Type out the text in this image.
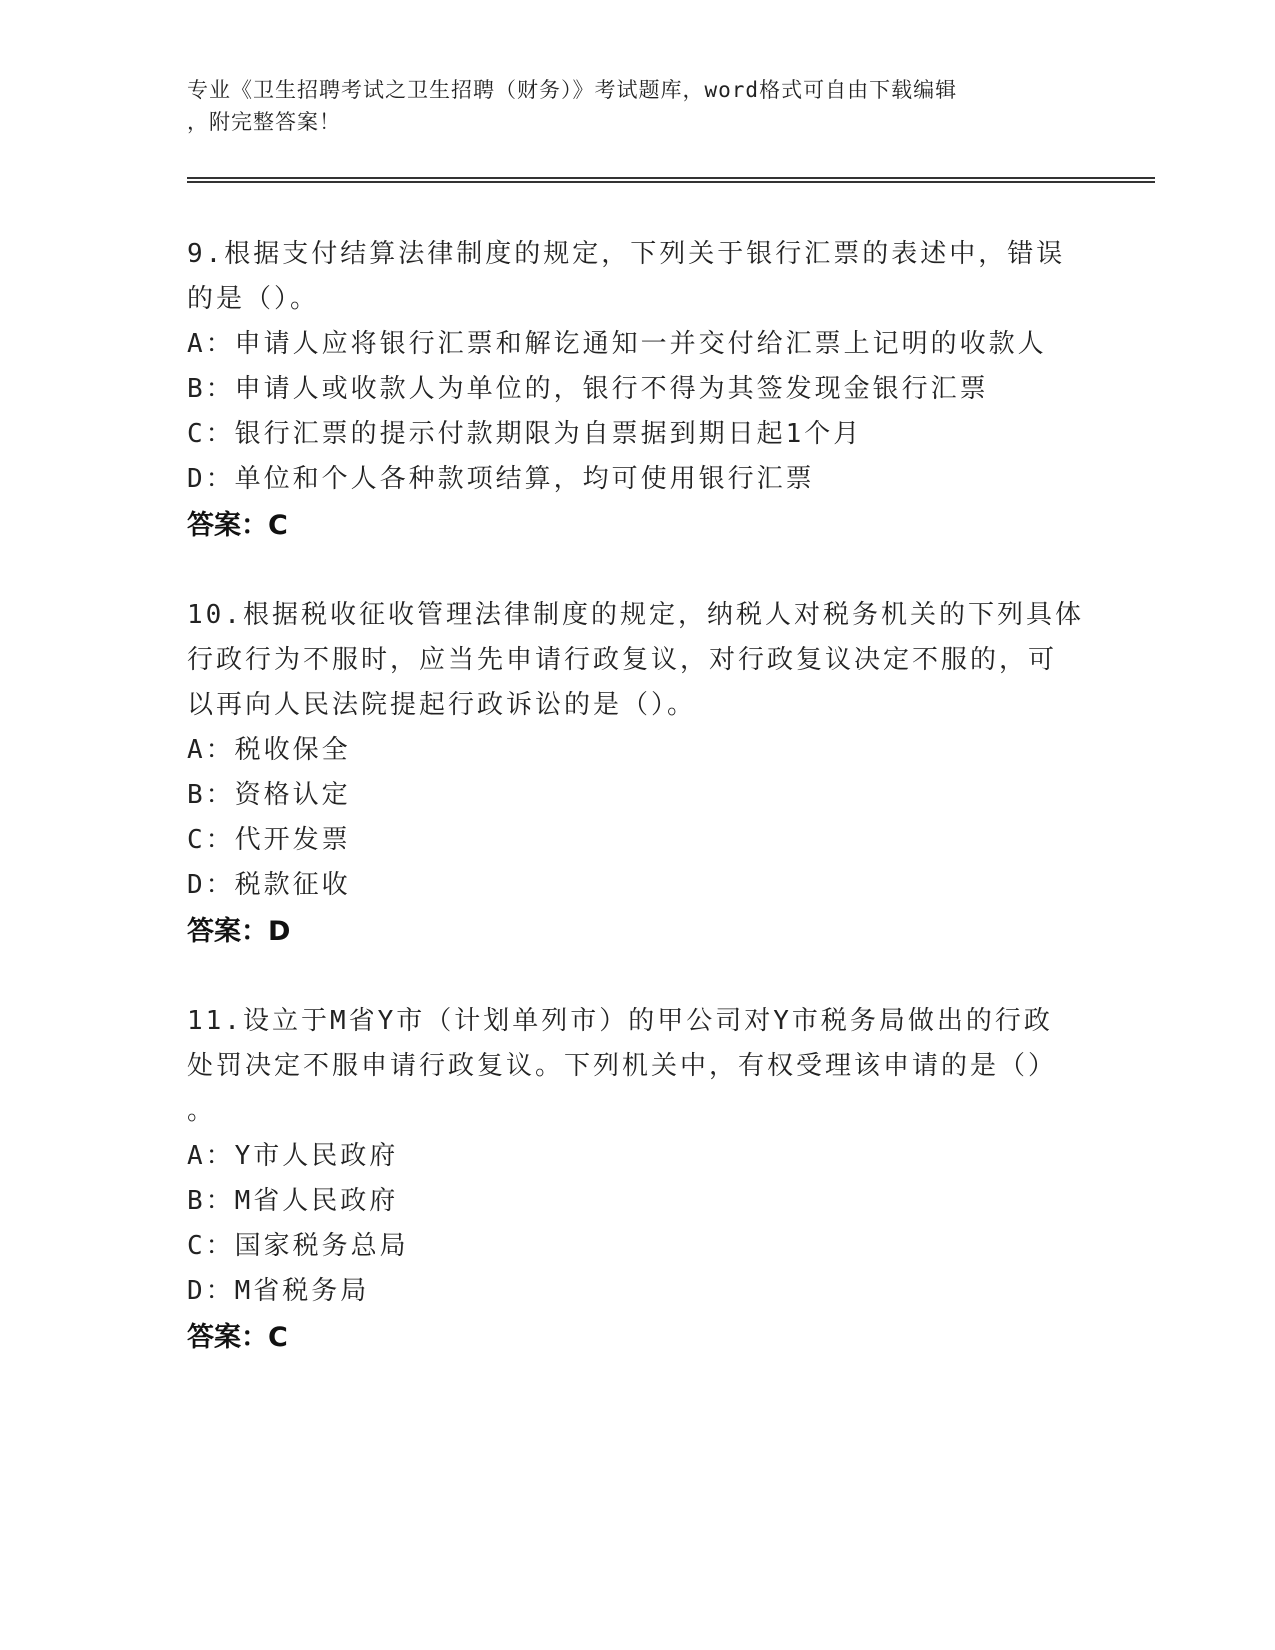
专业《卫生招聘考试之卫生招聘（财务）》考试题库，word格式可自由下载编辑
，附完整答案！

9.根据支付结算法律制度的规定，下列关于银行汇票的表述中，错误

的是（）。

A：申请人应将银行汇票和解讫通知一并交付给汇票上记明的收款人

B：申请人或收款人为单位的，银行不得为其签发现金银行汇票

C：银行汇票的提示付款期限为自票据到期日起1个月

D：单位和个人各种款项结算，均可使用银行汇票

答案：C

10.根据税收征收管理法律制度的规定，纳税人对税务机关的下列具体

行政行为不服时，应当先申请行政复议，对行政复议决定不服的，可

以再向人民法院提起行政诉讼的是（）。

A：税收保全

B：资格认定

C：代开发票

D：税款征收

答案：D

11.设立于M省Y市（计划单列市）的甲公司对Y市税务局做出的行政

处罚决定不服申请行政复议。下列机关中，有权受理该申请的是（）

。

A：Y市人民政府

B：M省人民政府

C：国家税务总局

D：M省税务局

答案：C
